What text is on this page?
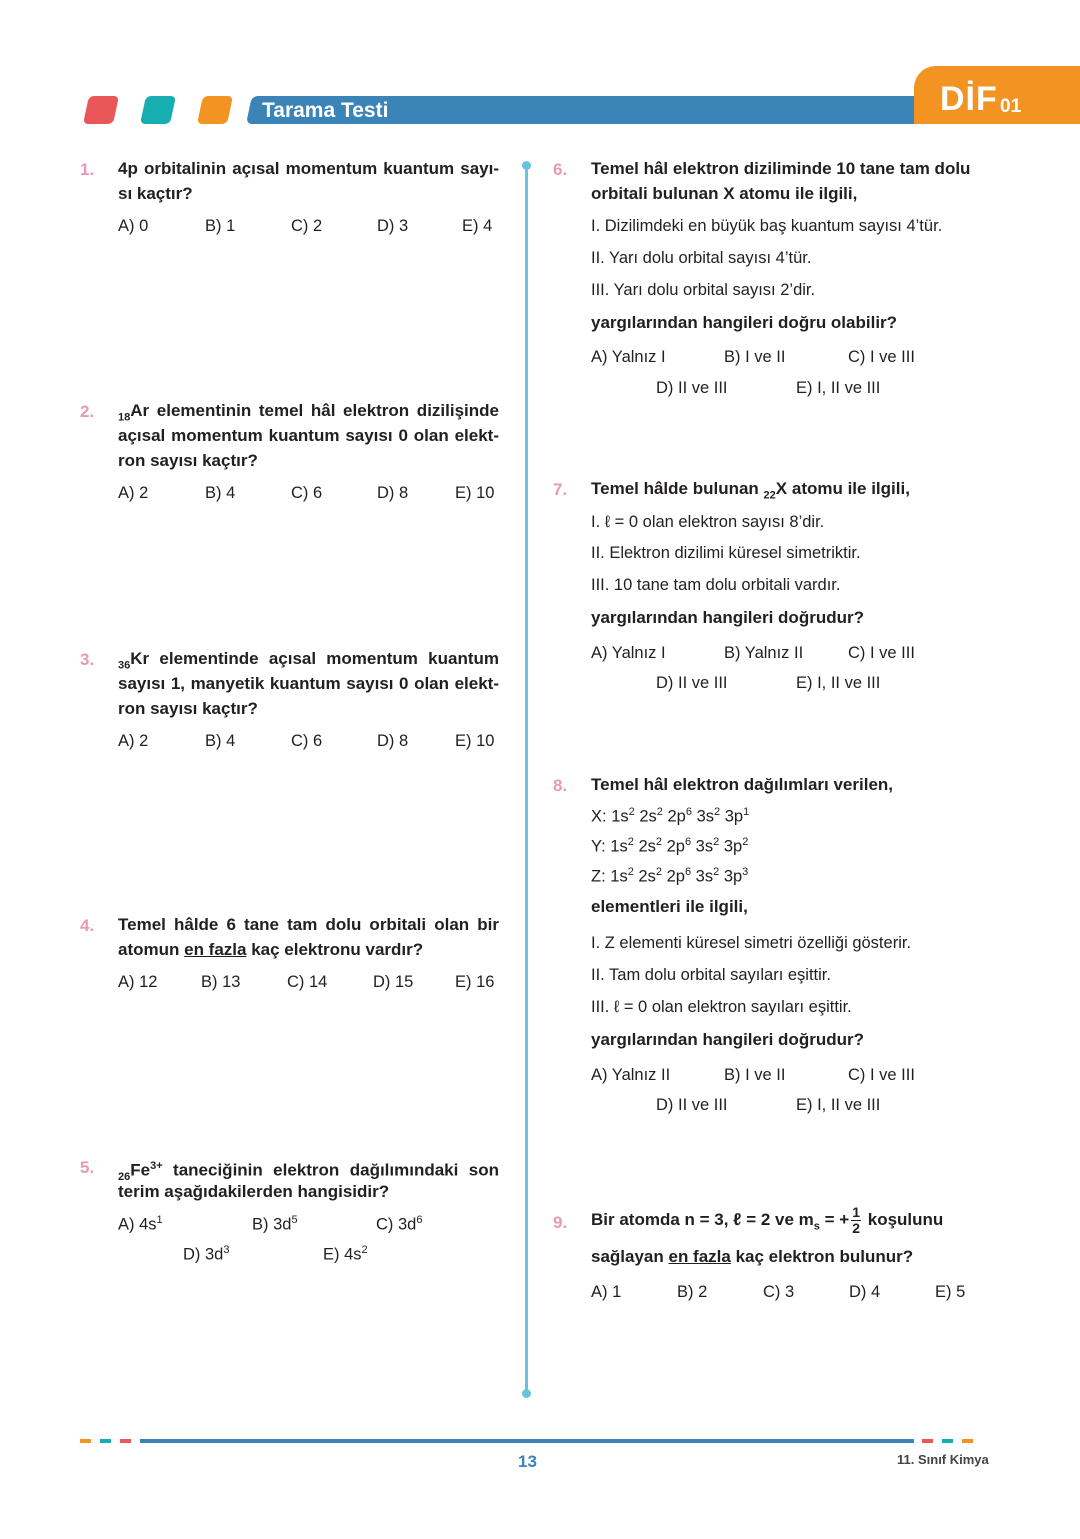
Tarama Testi	DİF 01
1. 4p orbitalinin açısal momentum kuantum sayı-
sı kaçtır?
A) 0	B) 1	C) 2	D) 3	E) 4
2. $_{18}$Ar elementinin temel hâl elektron dizilişinde
açısal momentum kuantum sayısı 0 olan elekt-
ron sayısı kaçtır?
A) 2	B) 4	C) 6	D) 8	E) 10
3. $_{36}$Kr elementinde açısal momentum kuantum
sayısı 1, manyetik kuantum sayısı 0 olan elekt-
ron sayısı kaçtır?
A) 2	B) 4	C) 6	D) 8	E) 10
4. Temel hâlde 6 tane tam dolu orbitali olan bir
atomun en fazla kaç elektronu vardır?
A) 12	B) 13	C) 14	D) 15	E) 16
5.
$_{26}Fe^{3+}$ taneciğinin elektron dağılımındaki son
terim aşağıdakilerden hangisidir?
A) $4s^1$	B) $3d^5$	C) $3d^6$
D) $3d^3$	E) $4s^2$
6. Temel hâl elektron diziliminde 10 tane tam dolu
orbitali bulunan X atomu ile ilgili,
I. Dizilimdeki en büyük baş kuantum sayısı 4’tür.
II. Yarı dolu orbital sayısı 4’tür.
III. Yarı dolu orbital sayısı 2’dir.
yargılarından hangileri doğru olabilir?
A) Yalnız I	B) I ve II	C) I ve III
D) II ve III	E) I, II ve III
7. Temel hâlde bulunan $_{22}$X atomu ile ilgili,
I. ℓ = 0 olan elektron sayısı 8’dir.
II. Elektron dizilimi küresel simetriktir.
III. 10 tane tam dolu orbitali vardır.
yargılarından hangileri doğrudur?
A) Yalnız I	B) Yalnız II	C) I ve III
D) II ve III	E) I, II ve III
8. Temel hâl elektron dağılımları verilen,
X: $1s^2$ $2s^2$ $2p^6$ $3s^2$ $3p^1$
Y: $1s^2$ $2s^2$ $2p^6$ $3s^2$ $3p^2$
Z: $1s^2$ $2s^2$ $2p^6$ $3s^2$ $3p^3$
elementleri ile ilgili,
I. Z elementi küresel simetri özelliği gösterir.
II. Tam dolu orbital sayıları eşittir.
III. ℓ = 0 olan elektron sayıları eşittir.
yargılarından hangileri doğrudur?
A) Yalnız II	B) I ve II	C) I ve III
D) II ve III	E) I, II ve III
9. Bir atomda n = 3, ℓ = 2 ve $m_s$ = + $\frac{1}{2}$ koşulunu
sağlayan en fazla kaç elektron bulunur?
A) 1	B) 2	C) 3	D) 4	E) 5
13	11. Sınıf Kimya
